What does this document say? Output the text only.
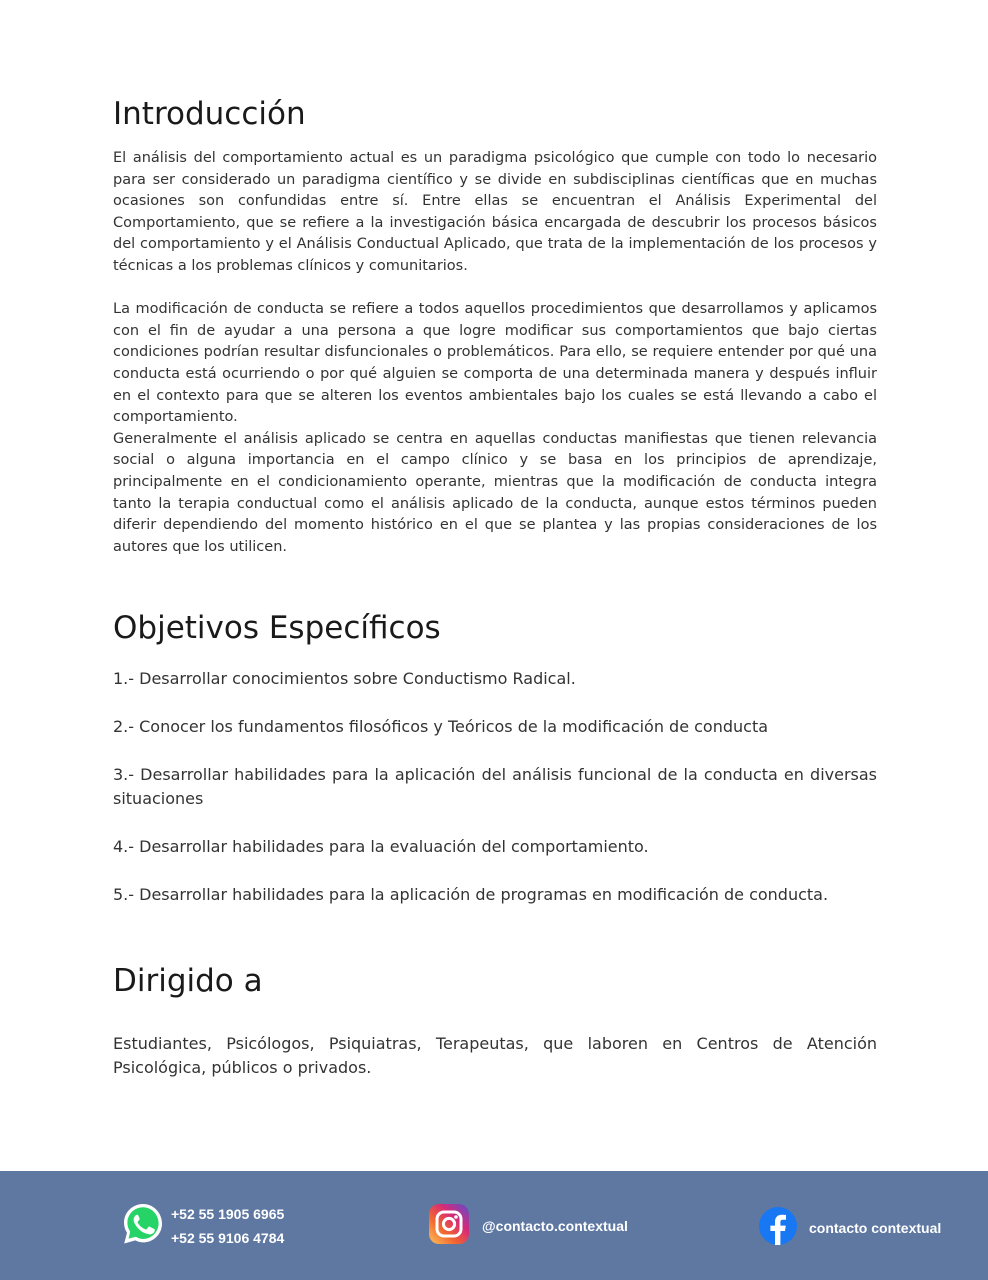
Introducción

El análisis del comportamiento actual es un paradigma psicológico que cumple con todo lo necesario para ser considerado un paradigma científico y se divide en subdisciplinas científicas que en muchas ocasiones son confundidas entre sí. Entre ellas se encuentran el Análisis Experimental del Comportamiento, que se refiere a la investigación básica encargada de descubrir los procesos básicos del comportamiento y el Análisis Conductual Aplicado, que trata de la implementación de los procesos y técnicas a los problemas clínicos y comunitarios.

La modificación de conducta se refiere a todos aquellos procedimientos que desarrollamos y aplicamos con el fin de ayudar a una persona a que logre modificar sus comportamientos que bajo ciertas condiciones podrían resultar disfuncionales o problemáticos. Para ello, se requiere entender por qué una conducta está ocurriendo o por qué alguien se comporta de una determinada manera y después influir en el contexto para que se alteren los eventos ambientales bajo los cuales se está llevando a cabo el comportamiento.

Generalmente el análisis aplicado se centra en aquellas conductas manifiestas que tienen relevancia social o alguna importancia en el campo clínico y se basa en los principios de aprendizaje, principalmente en el condicionamiento operante, mientras que la modificación de conducta integra tanto la terapia conductual como el análisis aplicado de la conducta, aunque estos términos pueden diferir dependiendo del momento histórico en el que se plantea y las propias consideraciones de los autores que los utilicen.

Objetivos Específicos
1.- Desarrollar conocimientos sobre Conductismo Radical.
2.- Conocer los fundamentos filosóficos y Teóricos de la modificación de conducta
3.- Desarrollar habilidades para la aplicación del análisis funcional de la conducta en diversas situaciones
4.- Desarrollar habilidades para la evaluación del comportamiento.
5.- Desarrollar habilidades para la aplicación de programas en modificación de conducta.
Dirigido a

Estudiantes, Psicólogos, Psiquiatras, Terapeutas, que laboren en Centros de Atención Psicológica, públicos o privados.

+52 55 1905 6965
+52 55 9106 4784
@contacto.contextual	contacto contextual
